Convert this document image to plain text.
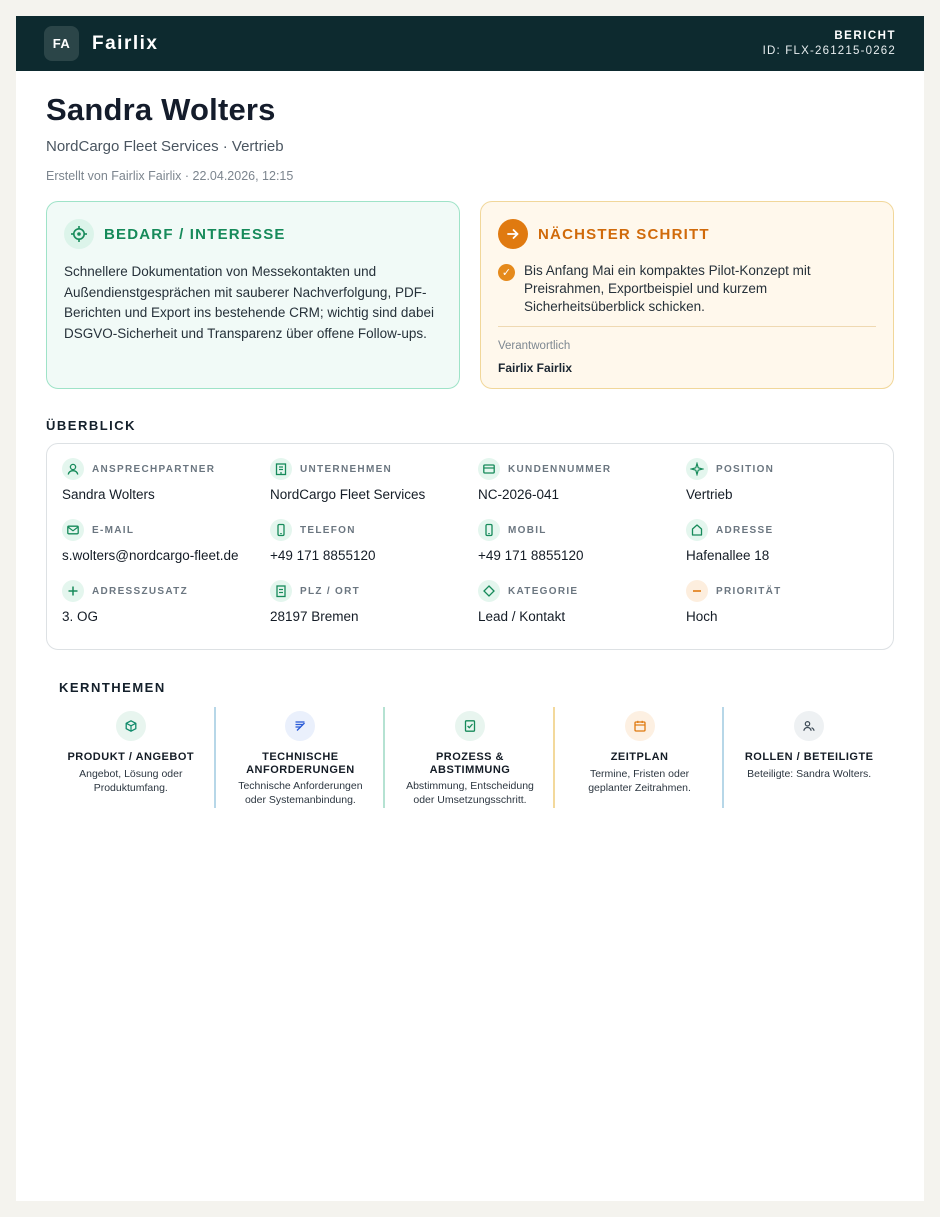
FA	Fairlix	BERICHT
ID: FLX-261215-0262
Sandra Wolters
NordCargo Fleet Services · Vertrieb
Erstellt von Fairlix Fairlix · 22.04.2026, 12:15
BEDARF / INTERESSE
Schnellere Dokumentation von Messekontakten und Außendienstgesprächen mit sauberer Nachverfolgung, PDF-Berichten und Export ins bestehende CRM; wichtig sind dabei DSGVO-Sicherheit und Transparenz über offene Follow-ups.
NÄCHSTER SCHRITT
✓ Bis Anfang Mai ein kompaktes Pilot-Konzept mit Preisrahmen, Exportbeispiel und kurzem Sicherheitsüberblick schicken.
Verantwortlich
Fairlix Fairlix
ÜBERBLICK
ANSPRECHPARTNER
Sandra Wolters
UNTERNEHMEN
NordCargo Fleet Services
KUNDENNUMMER
NC-2026-041
POSITION
Vertrieb
E-MAIL
s.wolters@nordcargo-fleet.de
TELEFON
+49 171 8855120
MOBIL
+49 171 8855120
ADRESSE
Hafenallee 18
ADRESSZUSATZ
3. OG
PLZ / ORT
28197 Bremen
KATEGORIE
Lead / Kontakt
PRIORITÄT
Hoch
KERNTHEMEN
PRODUKT / ANGEBOT
Angebot, Lösung oder Produktumfang.
TECHNISCHE ANFORDERUNGEN
Technische Anforderungen oder Systemanbindung.
PROZESS & ABSTIMMUNG
Abstimmung, Entscheidung oder Umsetzungsschritt.
ZEITPLAN
Termine, Fristen oder geplanter Zeitrahmen.
ROLLEN / BETEILIGTE
Beteiligte: Sandra Wolters.
